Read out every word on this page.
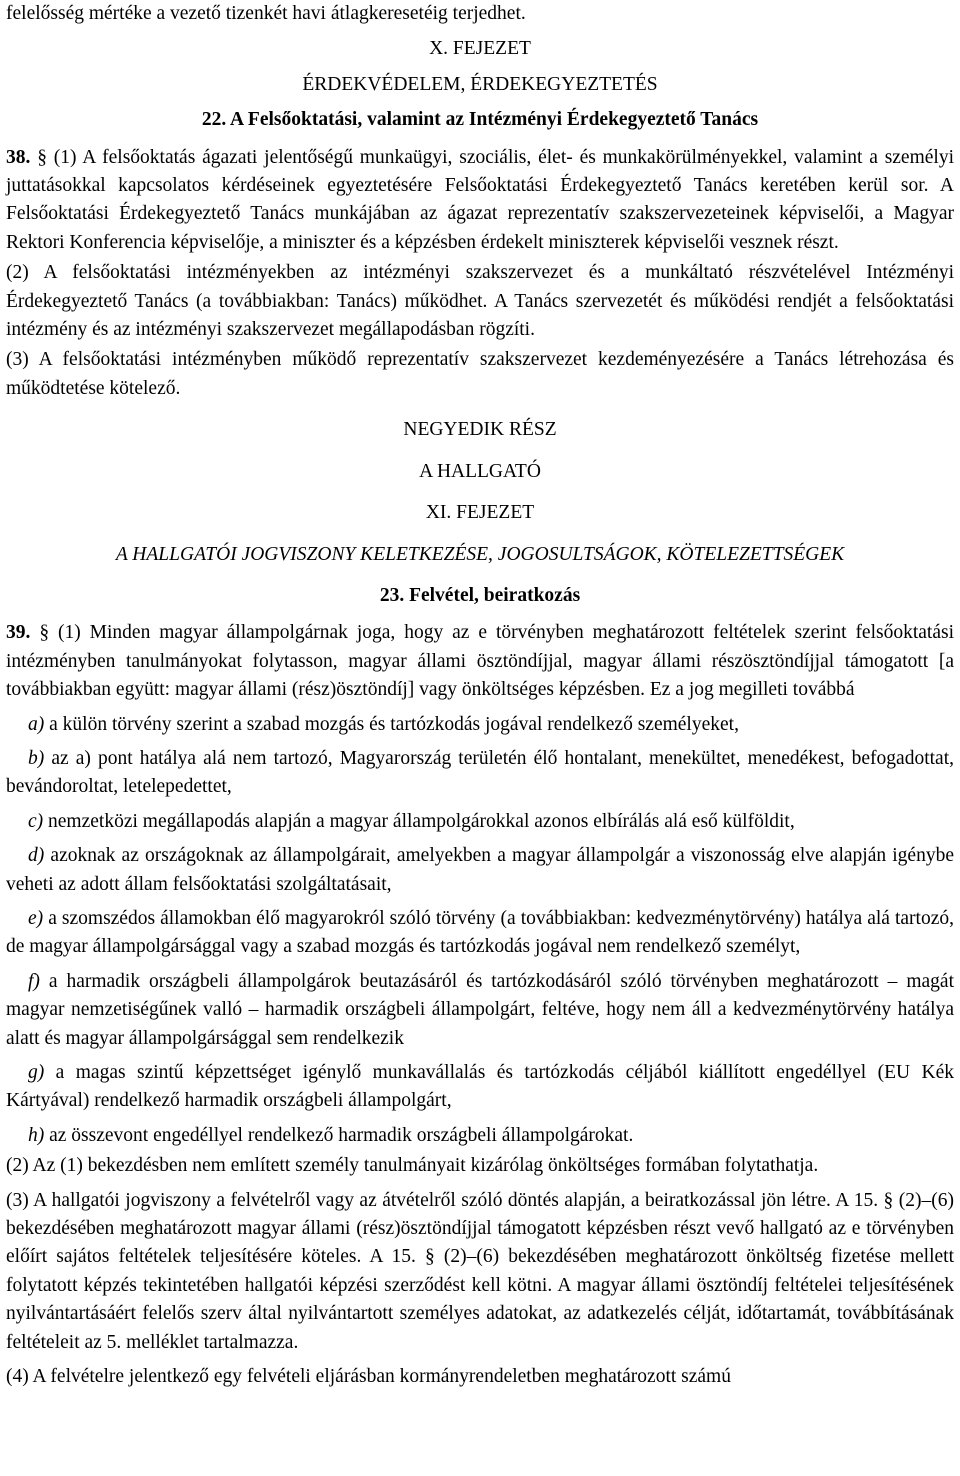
felelősség mértéke a vezető tizenkét havi átlagkeresetéig terjedhet.

X. FEJEZET

ÉRDEKVÉDELEM, ÉRDEKEGYEZTETÉS

22. A Felsőoktatási, valamint az Intézményi Érdekegyeztető Tanács

38. § (1) A felsőoktatás ágazati jelentőségű munkaügyi, szociális, élet- és munkakörülményekkel, valamint a személyi juttatásokkal kapcsolatos kérdéseinek egyeztetésére Felsőoktatási Érdekegyeztető Tanács keretében kerül sor. A Felsőoktatási Érdekegyeztető Tanács munkájában az ágazat reprezentatív szakszervezeteinek képviselői, a Magyar Rektori Konferencia képviselője, a miniszter és a képzésben érdekelt miniszterek képviselői vesznek részt.

(2) A felsőoktatási intézményekben az intézményi szakszervezet és a munkáltató részvételével Intézményi Érdekegyeztető Tanács (a továbbiakban: Tanács) működhet. A Tanács szervezetét és működési rendjét a felsőoktatási intézmény és az intézményi szakszervezet megállapodásban rögzíti.

(3) A felsőoktatási intézményben működő reprezentatív szakszervezet kezdeményezésére a Tanács létrehozása és működtetése kötelező.

NEGYEDIK RÉSZ

A HALLGATÓ

XI. FEJEZET

A HALLGATÓI JOGVISZONY KELETKEZÉSE, JOGOSULTSÁGOK, KÖTELEZETTSÉGEK

23. Felvétel, beiratkozás

39. § (1) Minden magyar állampolgárnak joga, hogy az e törvényben meghatározott feltételek szerint felsőoktatási intézményben tanulmányokat folytasson, magyar állami ösztöndíjjal, magyar állami részösztöndíjjal támogatott [a továbbiakban együtt: magyar állami (rész)ösztöndíj] vagy önköltséges képzésben. Ez a jog megilleti továbbá

a) a külön törvény szerint a szabad mozgás és tartózkodás jogával rendelkező személyeket,

b) az a) pont hatálya alá nem tartozó, Magyarország területén élő hontalant, menekültet, menedékest, befogadottat, bevándoroltat, letelepedettet,

c) nemzetközi megállapodás alapján a magyar állampolgárokkal azonos elbírálás alá eső külföldit,

d) azoknak az országoknak az állampolgárait, amelyekben a magyar állampolgár a viszonosság elve alapján igénybe veheti az adott állam felsőoktatási szolgáltatásait,

e) a szomszédos államokban élő magyarokról szóló törvény (a továbbiakban: kedvezménytörvény) hatálya alá tartozó, de magyar állampolgársággal vagy a szabad mozgás és tartózkodás jogával nem rendelkező személyt,

f) a harmadik országbeli állampolgárok beutazásáról és tartózkodásáról szóló törvényben meghatározott – magát magyar nemzetiségűnek valló – harmadik országbeli állampolgárt, feltéve, hogy nem áll a kedvezménytörvény hatálya alatt és magyar állampolgársággal sem rendelkezik

g) a magas szintű képzettséget igénylő munkavállalás és tartózkodás céljából kiállított engedéllyel (EU Kék Kártyával) rendelkező harmadik országbeli állampolgárt,

h) az összevont engedéllyel rendelkező harmadik országbeli állampolgárokat.

(2) Az (1) bekezdésben nem említett személy tanulmányait kizárólag önköltséges formában folytathatja.

(3) A hallgatói jogviszony a felvételről vagy az átvételről szóló döntés alapján, a beiratkozással jön létre. A 15. § (2)–(6) bekezdésében meghatározott magyar állami (rész)ösztöndíjjal támogatott képzésben részt vevő hallgató az e törvényben előírt sajátos feltételek teljesítésére köteles. A 15. § (2)–(6) bekezdésében meghatározott önköltség fizetése mellett folytatott képzés tekintetében hallgatói képzési szerződést kell kötni. A magyar állami ösztöndíj feltételei teljesítésének nyilvántartásáért felelős szerv által nyilvántartott személyes adatokat, az adatkezelés célját, időtartamát, továbbításának feltételeit az 5. melléklet tartalmazza.

(4) A felvételre jelentkező egy felvételi eljárásban kormányrendeletben meghatározott számú
